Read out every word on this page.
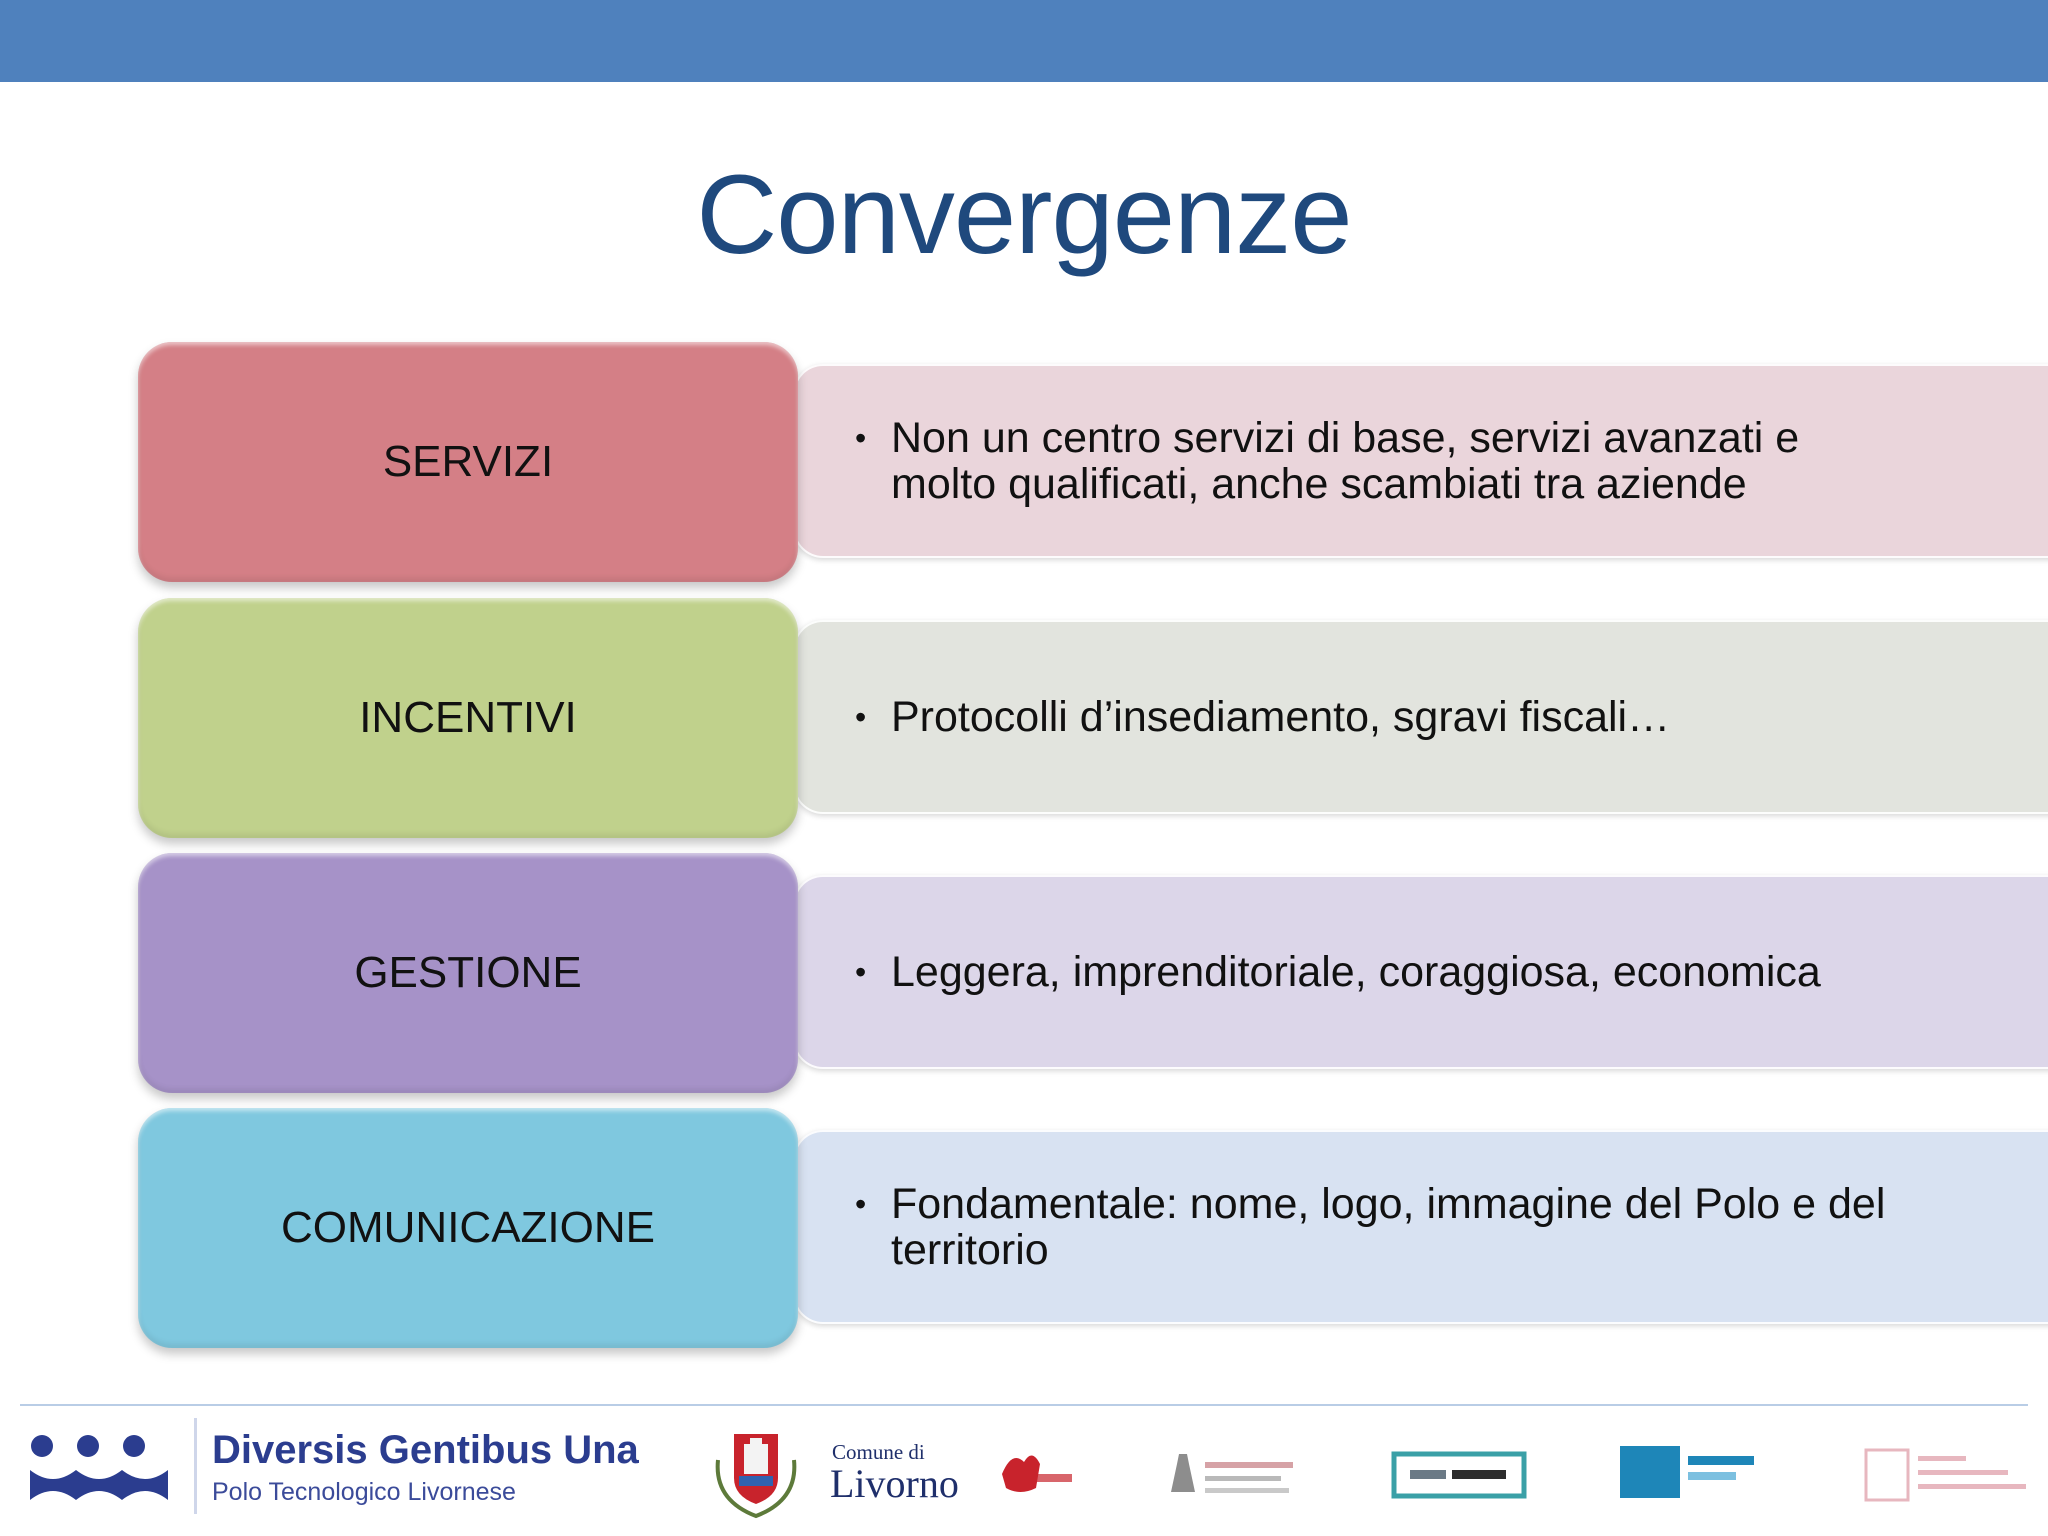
Convergenze
SERVIZI	• Non un centro servizi di base, servizi avanzati e molto qualificati, anche scambiati tra aziende
INCENTIVI	• Protocolli d’insediamento, sgravi fiscali…
GESTIONE	• Leggera, imprenditoriale, coraggiosa, economica
COMUNICAZIONE	• Fondamentale: nome, logo, immagine del Polo e del territorio
Diversis Gentibus Una
Polo Tecnologico Livornese
Comune di
Livorno
